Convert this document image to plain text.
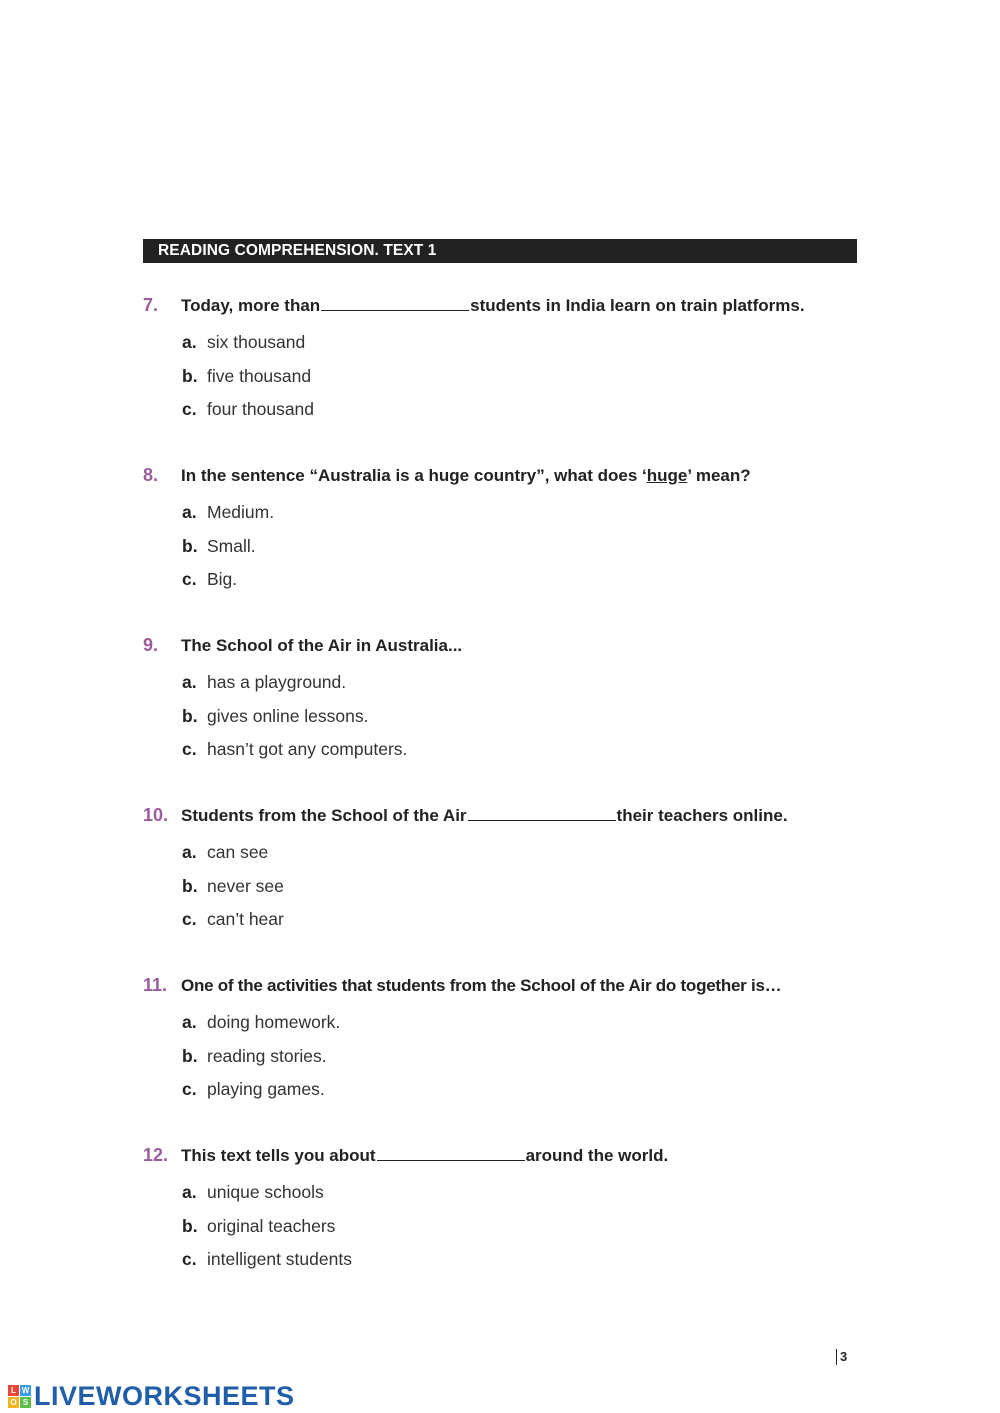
READING COMPREHENSION. TEXT 1
7.	Today, more than	students in India learn on train platforms.
a. six thousand
b. five thousand
c. four thousand
8.	In the sentence “Australia is a huge country”, what does ‘ huge ’ mean?
a. Medium.
b. Small.
c. Big.
9.	The School of the Air in Australia...
a. has a playground.
b. gives online lessons.
c. hasn’t got any computers.
10. Students from the School of the Air	their teachers online.
a. can see
b. never see
c. can’t hear
11. One of the activities that students from the School of the Air do together is…
a. doing homework.
b. reading stories.
c. playing games.
12. This text tells you about	around the world.
a. unique schools
b. original teachers
c. intelligent students
3
L W
O S LIVEWORKSHEETS
